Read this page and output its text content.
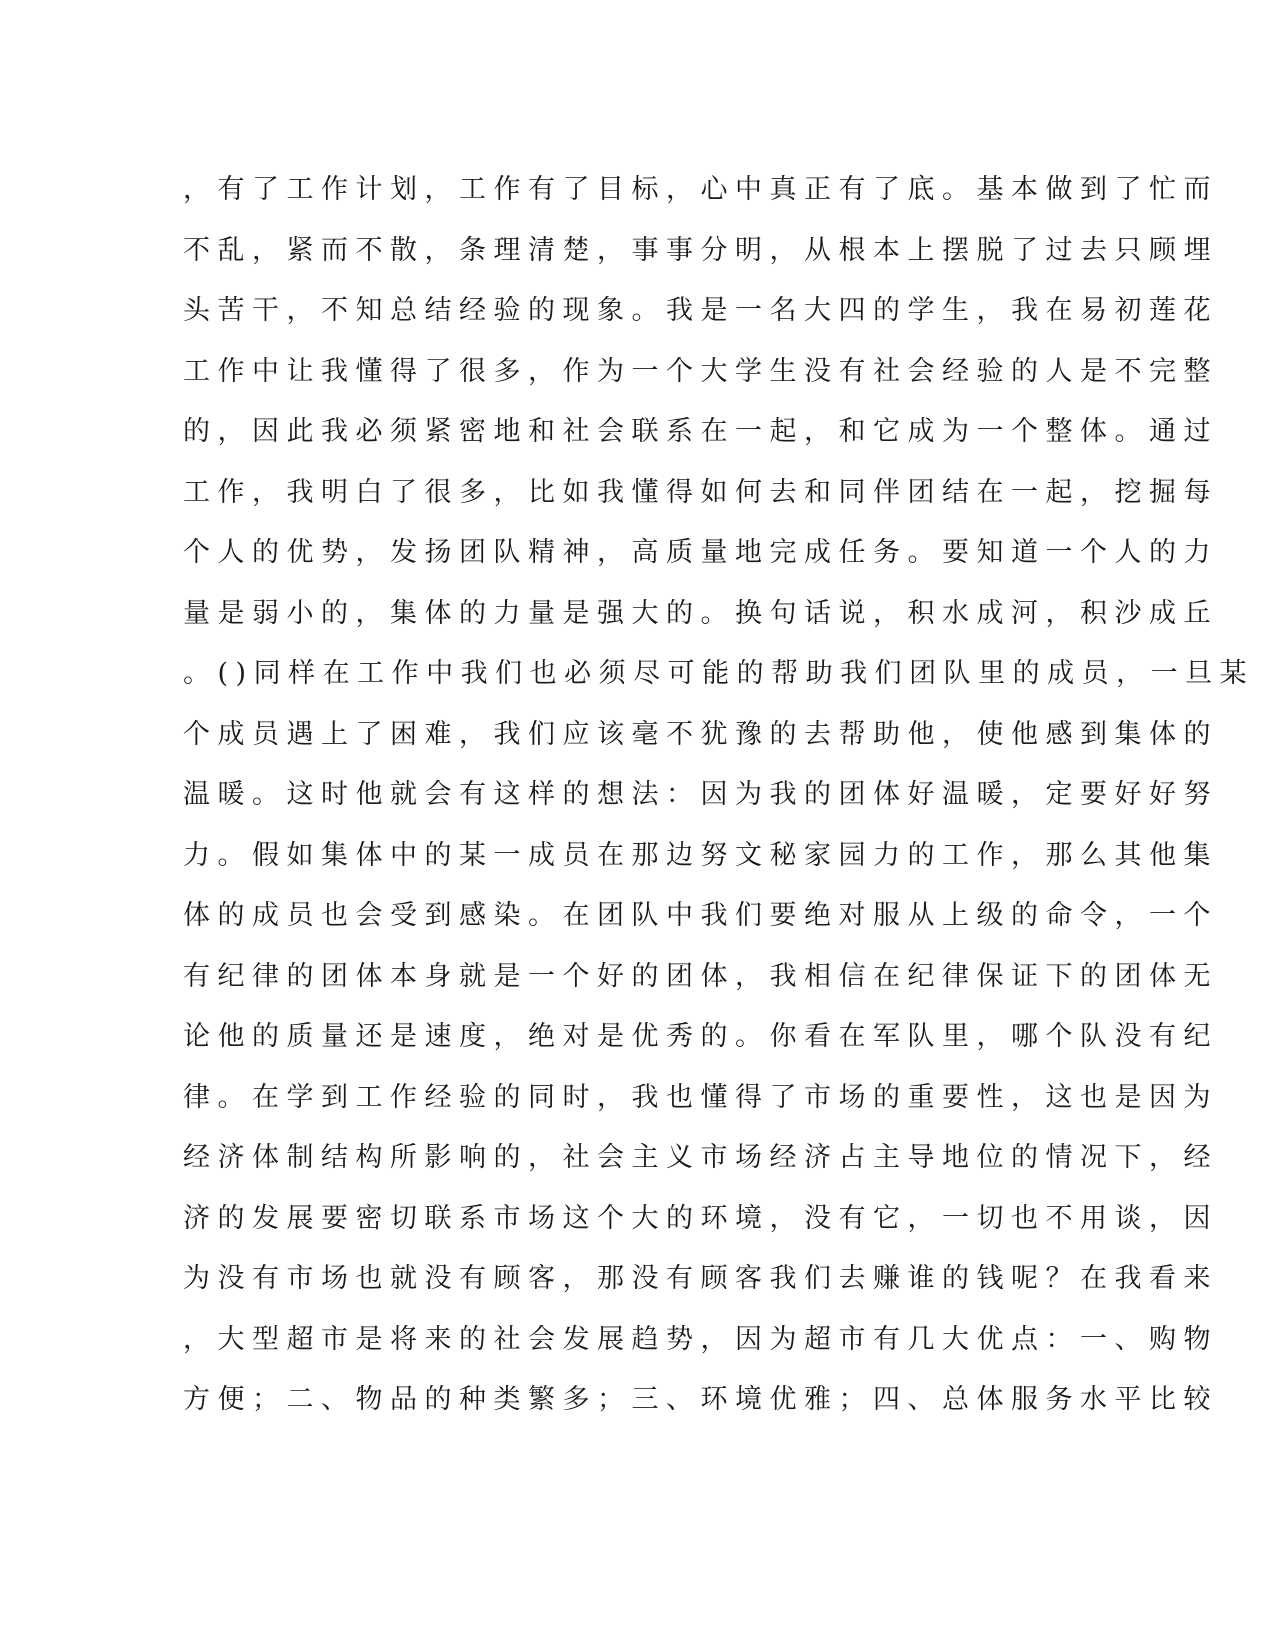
，有了工作计划，工作有了目标，心中真正有了底。基本做到了忙而
不乱，紧而不散，条理清楚，事事分明，从根本上摆脱了过去只顾埋
头苦干，不知总结经验的现象。我是一名大四的学生，我在易初莲花
工作中让我懂得了很多，作为一个大学生没有社会经验的人是不完整
的，因此我必须紧密地和社会联系在一起，和它成为一个整体。通过
工作，我明白了很多，比如我懂得如何去和同伴团结在一起，挖掘每
个人的优势，发扬团队精神，高质量地完成任务。要知道一个人的力
量是弱小的，集体的力量是强大的。换句话说，积水成河，积沙成丘
。()同样在工作中我们也必须尽可能的帮助我们团队里的成员，一旦某
个成员遇上了困难，我们应该毫不犹豫的去帮助他，使他感到集体的
温暖。这时他就会有这样的想法：因为我的团体好温暖，定要好好努
力。假如集体中的某一成员在那边努文秘家园力的工作，那么其他集
体的成员也会受到感染。在团队中我们要绝对服从上级的命令，一个
有纪律的团体本身就是一个好的团体，我相信在纪律保证下的团体无
论他的质量还是速度，绝对是优秀的。你看在军队里，哪个队没有纪
律。在学到工作经验的同时，我也懂得了市场的重要性，这也是因为
经济体制结构所影响的，社会主义市场经济占主导地位的情况下，经
济的发展要密切联系市场这个大的环境，没有它，一切也不用谈，因
为没有市场也就没有顾客，那没有顾客我们去赚谁的钱呢？在我看来
，大型超市是将来的社会发展趋势，因为超市有几大优点：一、购物
方便；二、物品的种类繁多；三、环境优雅；四、总体服务水平比较
